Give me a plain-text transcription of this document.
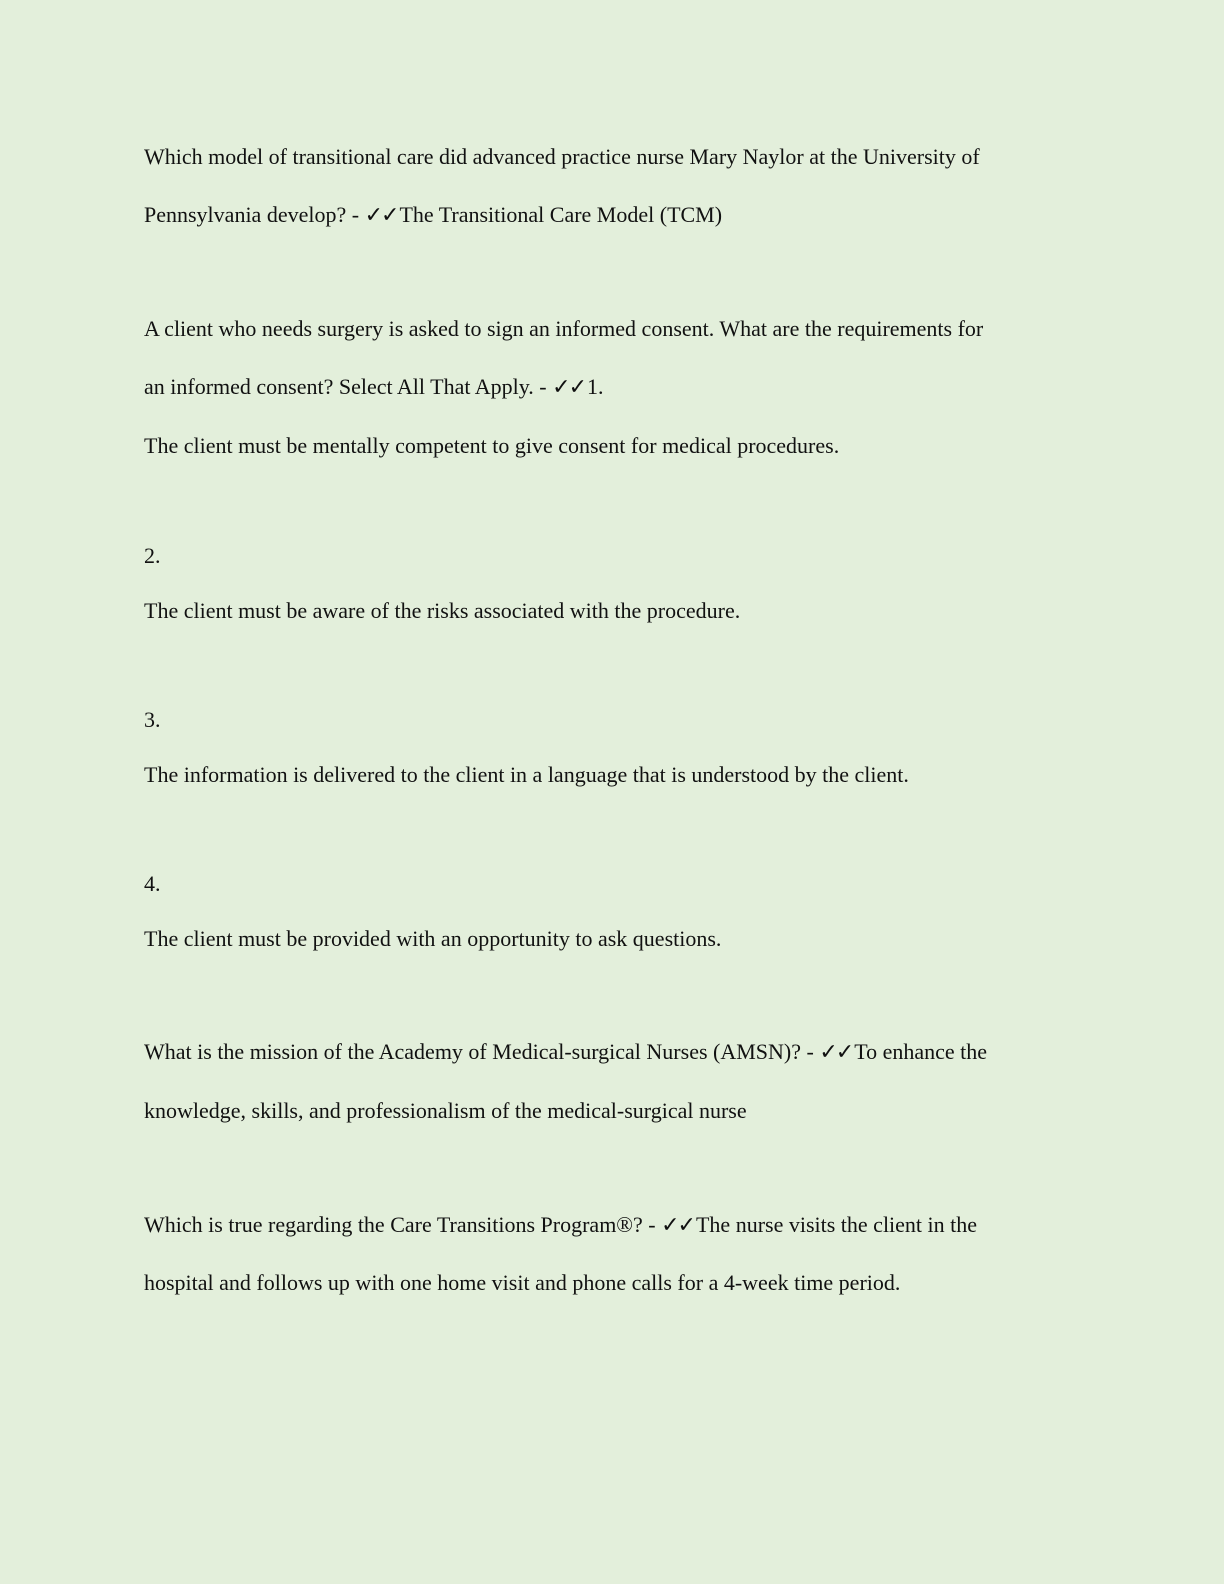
Which model of transitional care did advanced practice nurse Mary Naylor at the University of
Pennsylvania develop? - ✓✓The Transitional Care Model (TCM)
A client who needs surgery is asked to sign an informed consent. What are the requirements for
an informed consent? Select All That Apply. - ✓✓1.
The client must be mentally competent to give consent for medical procedures.
2.
The client must be aware of the risks associated with the procedure.
3.
The information is delivered to the client in a language that is understood by the client.
4.
The client must be provided with an opportunity to ask questions.
What is the mission of the Academy of Medical-surgical Nurses (AMSN)? - ✓✓To enhance the
knowledge, skills, and professionalism of the medical-surgical nurse
Which is true regarding the Care Transitions Program®? - ✓✓The nurse visits the client in the
hospital and follows up with one home visit and phone calls for a 4-week time period.
